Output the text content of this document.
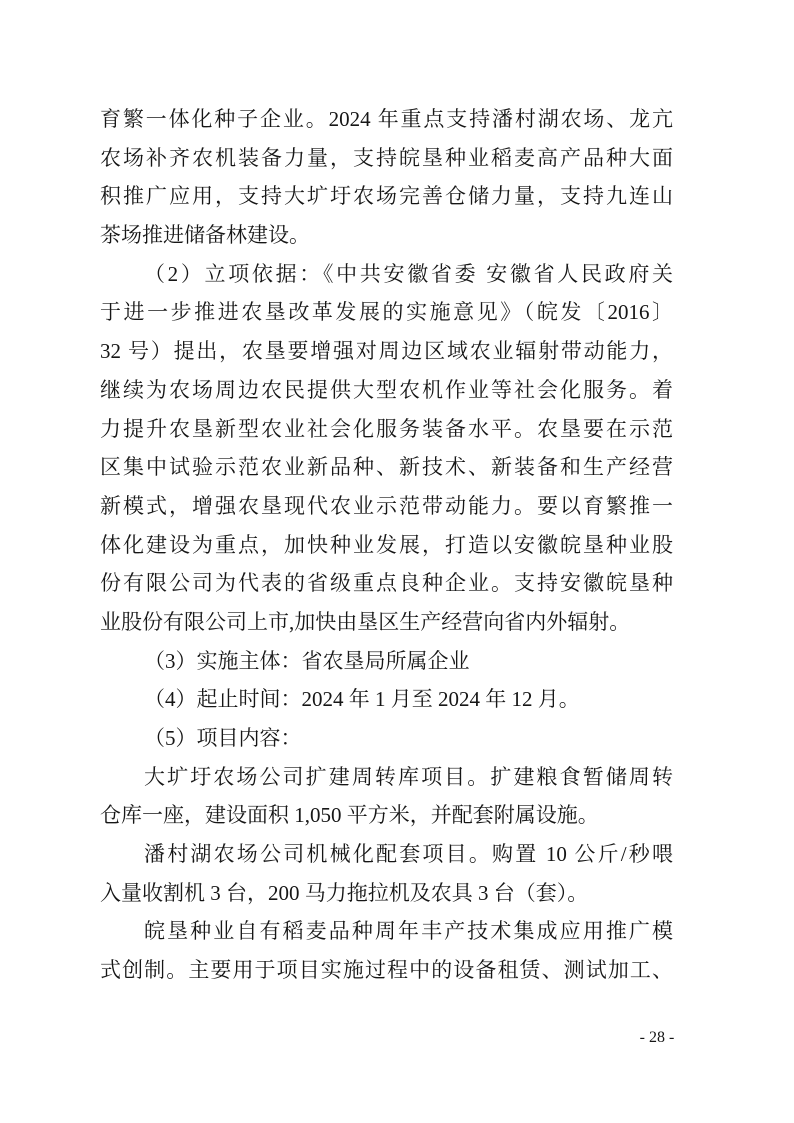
育繁一体化种子企业。2024 年重点支持潘村湖农场、龙亢
农场补齐农机装备力量，支持皖垦种业稻麦高产品种大面
积推广应用，支持大圹圩农场完善仓储力量，支持九连山
茶场推进储备林建设。
（2）立项依据：《中共安徽省委 安徽省人民政府关
于进一步推进农垦改革发展的实施意见》（皖发〔2016〕
32 号）提出，农垦要增强对周边区域农业辐射带动能力，
继续为农场周边农民提供大型农机作业等社会化服务。着
力提升农垦新型农业社会化服务装备水平。农垦要在示范
区集中试验示范农业新品种、新技术、新装备和生产经营
新模式，增强农垦现代农业示范带动能力。要以育繁推一
体化建设为重点，加快种业发展，打造以安徽皖垦种业股
份有限公司为代表的省级重点良种企业。支持安徽皖垦种
业股份有限公司上市,加快由垦区生产经营向省内外辐射。
（3）实施主体：省农垦局所属企业
（4）起止时间：2024 年 1 月至 2024 年 12 月。
（5）项目内容：
大圹圩农场公司扩建周转库项目。扩建粮食暂储周转
仓库一座，建设面积 1,050 平方米，并配套附属设施。
潘村湖农场公司机械化配套项目。购置 10 公斤/秒喂
入量收割机 3 台，200 马力拖拉机及农具 3 台（套）。
皖垦种业自有稻麦品种周年丰产技术集成应用推广模
式创制。主要用于项目实施过程中的设备租赁、测试加工、
- 28 -
